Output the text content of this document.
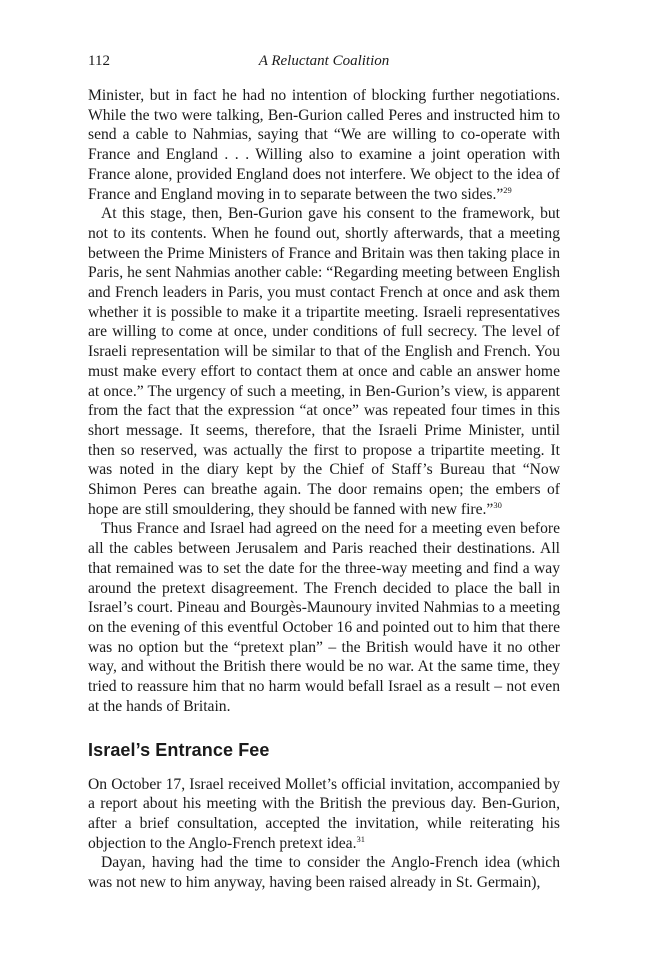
112	A Reluctant Coalition

Minister, but in fact he had no intention of blocking further negotiations. While the two were talking, Ben-Gurion called Peres and instructed him to send a cable to Nahmias, saying that “We are willing to co-operate with France and England . . . Willing also to examine a joint operation with France alone, provided England does not interfere. We object to the idea of France and England moving in to separate between the two sides.”$^{29}$

At this stage, then, Ben-Gurion gave his consent to the framework, but not to its contents. When he found out, shortly afterwards, that a meeting between the Prime Ministers of France and Britain was then taking place in Paris, he sent Nahmias another cable: “Regarding meeting between English and French leaders in Paris, you must contact French at once and ask them whether it is possible to make it a tripartite meeting. Israeli representatives are willing to come at once, under conditions of full secrecy. The level of Israeli representation will be similar to that of the English and French. You must make every effort to contact them at once and cable an answer home at once.” The urgency of such a meeting, in Ben-Gurion’s view, is apparent from the fact that the expression “at once” was repeated four times in this short message. It seems, therefore, that the Israeli Prime Minister, until then so reserved, was actually the first to propose a tripartite meeting. It was noted in the diary kept by the Chief of Staff’s Bureau that “Now Shimon Peres can breathe again. The door remains open; the embers of hope are still smouldering, they should be fanned with new fire.”$^{30}$

Thus France and Israel had agreed on the need for a meeting even before all the cables between Jerusalem and Paris reached their destinations. All that remained was to set the date for the three-way meeting and find a way around the pretext disagreement. The French decided to place the ball in Israel’s court. Pineau and Bourgès-Maunoury invited Nahmias to a meeting on the evening of this eventful October 16 and pointed out to him that there was no option but the “pretext plan” – the British would have it no other way, and without the British there would be no war. At the same time, they tried to reassure him that no harm would befall Israel as a result – not even at the hands of Britain.

Israel’s Entrance Fee

On October 17, Israel received Mollet’s official invitation, accompanied by a report about his meeting with the British the previous day. Ben-Gurion, after a brief consultation, accepted the invitation, while reiterating his objection to the Anglo-French pretext idea.$^{31}$

Dayan, having had the time to consider the Anglo-French idea (which was not new to him anyway, having been raised already in St. Germain),
